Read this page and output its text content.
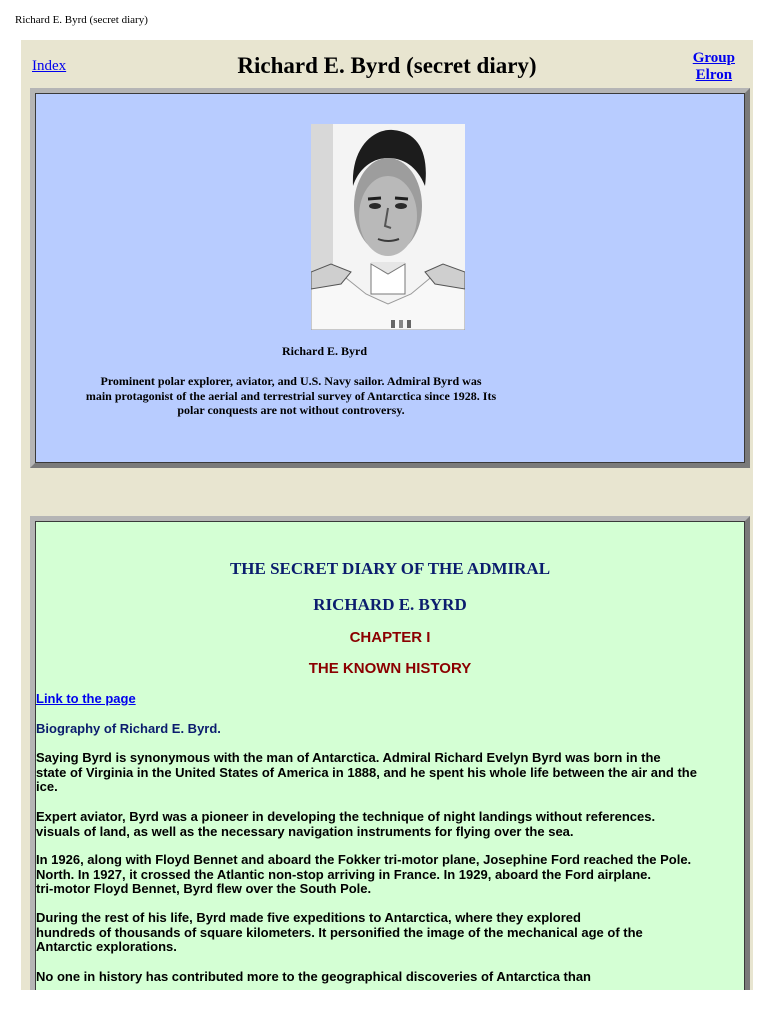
Richard E. Byrd (secret diary)
Index	Richard E. Byrd (secret diary)	Group
Elron
Richard E. Byrd
Prominent polar explorer, aviator, and U.S. Navy sailor. Admiral Byrd was
main protagonist of the aerial and terrestrial survey of Antarctica since 1928. Its
polar conquests are not without controversy.
THE SECRET DIARY OF THE ADMIRAL
RICHARD E. BYRD
CHAPTER I
THE KNOWN HISTORY
Link to the page
Biography of Richard E. Byrd.
Saying Byrd is synonymous with the man of Antarctica. Admiral Richard Evelyn Byrd was born in the
state of Virginia in the United States of America in 1888, and he spent his whole life between the air and the
ice.
Expert aviator, Byrd was a pioneer in developing the technique of night landings without references.
visuals of land, as well as the necessary navigation instruments for flying over the sea.
In 1926, along with Floyd Bennet and aboard the Fokker tri-motor plane, Josephine Ford reached the Pole.
North. In 1927, it crossed the Atlantic non-stop arriving in France. In 1929, aboard the Ford airplane.
tri-motor Floyd Bennet, Byrd flew over the South Pole.
During the rest of his life, Byrd made five expeditions to Antarctica, where they explored
hundreds of thousands of square kilometers. It personified the image of the mechanical age of the
Antarctic explorations.
No one in history has contributed more to the geographical discoveries of Antarctica than
